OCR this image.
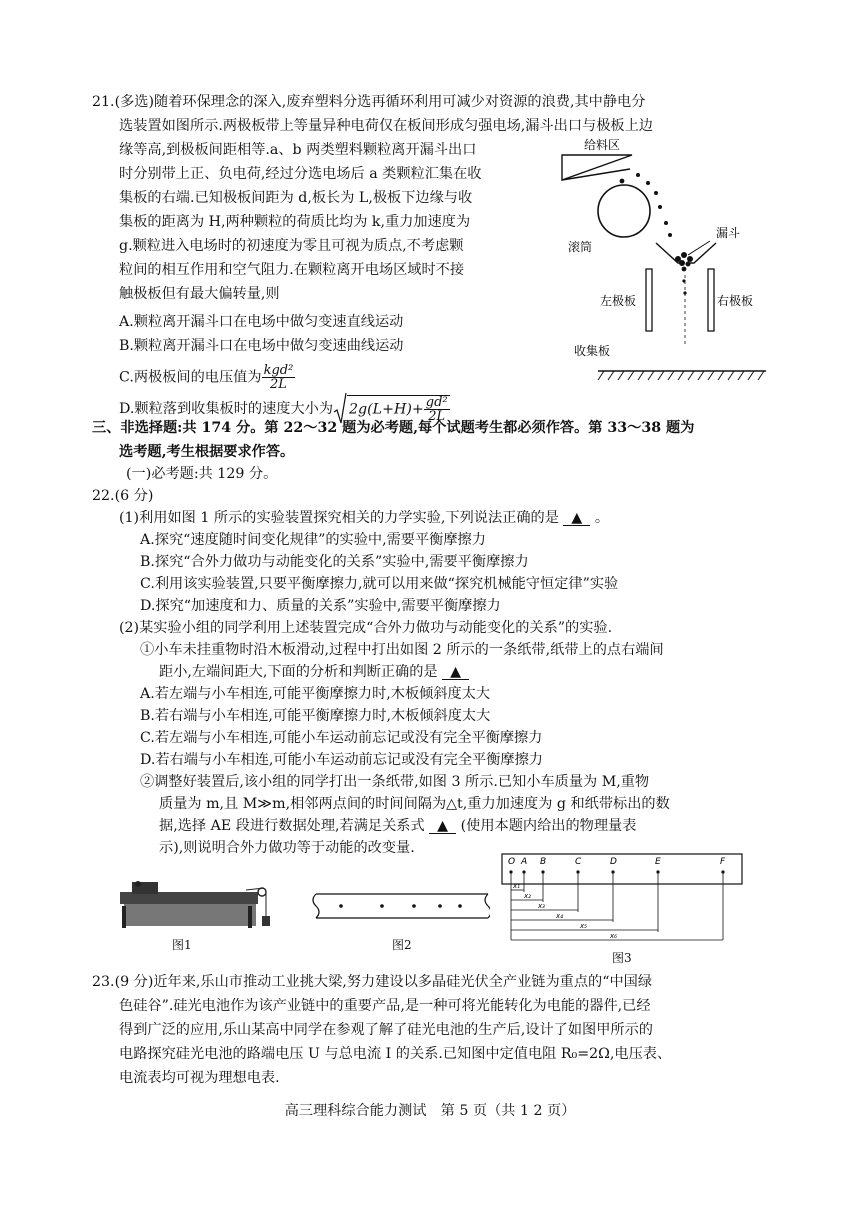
21.(多选)随着环保理念的深入,废弃塑料分选再循环利用可减少对资源的浪费,其中静电分
选装置如图所示.两极板带上等量异种电荷仅在板间形成匀强电场,漏斗出口与极板上边
缘等高,到极板间距相等.a、b 两类塑料颗粒离开漏斗出口
时分别带上正、负电荷,经过分选电场后 a 类颗粒汇集在收
集板的右端.已知极板间距为 d,板长为 L,极板下边缘与收
集板的距离为 H,两种颗粒的荷质比均为 k,重力加速度为
g.颗粒进入电场时的初速度为零且可视为质点,不考虑颗
粒间的相互作用和空气阻力.在颗粒离开电场区域时不接
触极板但有最大偏转量,则
A.颗粒离开漏斗口在电场中做匀变速直线运动
B.颗粒离开漏斗口在电场中做匀变速曲线运动
C.两极板间的电压值为 $\frac{\text{kgd²}}{2L}$
D.颗粒落到收集板时的速度大小为 $2g(L+H)+ \frac{\text{gd²}}{2L}$
给料区
滚筒
漏斗
左极板	右极板
收集板
三、非选择题:共 174 分。第 22～32 题为必考题,每个试题考生都必须作答。第 33～38 题为
选考题,考生根据要求作答。
(一)必考题:共 129 分。
22.(6 分)
(1)利用如图 1 所示的实验装置探究相关的力学实验,下列说法正确的是 ▲ 。
A.探究“速度随时间变化规律”的实验中,需要平衡摩擦力
B.探究“合外力做功与动能变化的关系”实验中,需要平衡摩擦力
C.利用该实验装置,只要平衡摩擦力,就可以用来做“探究机械能守恒定律”实验
D.探究“加速度和力、质量的关系”实验中,需要平衡摩擦力
(2)某实验小组的同学利用上述装置完成“合外力做功与动能变化的关系”的实验.
①小车未挂重物时沿木板滑动,过程中打出如图 2 所示的一条纸带,纸带上的点右端间
距小,左端间距大,下面的分析和判断正确的是 ▲
A.若左端与小车相连,可能平衡摩擦力时,木板倾斜度太大
B.若右端与小车相连,可能平衡摩擦力时,木板倾斜度太大
C.若左端与小车相连,可能小车运动前忘记或没有完全平衡摩擦力
D.若右端与小车相连,可能小车运动前忘记或没有完全平衡摩擦力
②调整好装置后,该小组的同学打出一条纸带,如图 3 所示.已知小车质量为 M,重物
质量为 m,且 M≫m,相邻两点间的时间间隔为△t,重力加速度为 g 和纸带标出的数
据,选择 AE 段进行数据处理,若满足关系式 ▲ (使用本题内给出的物理量表
示),则说明合外力做功等于动能的改变量.
图1	图2
O A B	C	D	E	F
x₁
x₂
x₃
x₄
x₅
x₆
图3
23.(9 分)近年来,乐山市推动工业挑大梁,努力建设以多晶硅光伏全产业链为重点的“中国绿
色硅谷”.硅光电池作为该产业链中的重要产品,是一种可将光能转化为电能的器件,已经
得到广泛的应用,乐山某高中同学在参观了解了硅光电池的生产后,设计了如图甲所示的
电路探究硅光电池的路端电压 U 与总电流 I 的关系.已知图中定值电阻 R₀=2Ω,电压表、
电流表均可视为理想电表.
高三理科综合能力测试　第 5 页（共 1 2 页）
